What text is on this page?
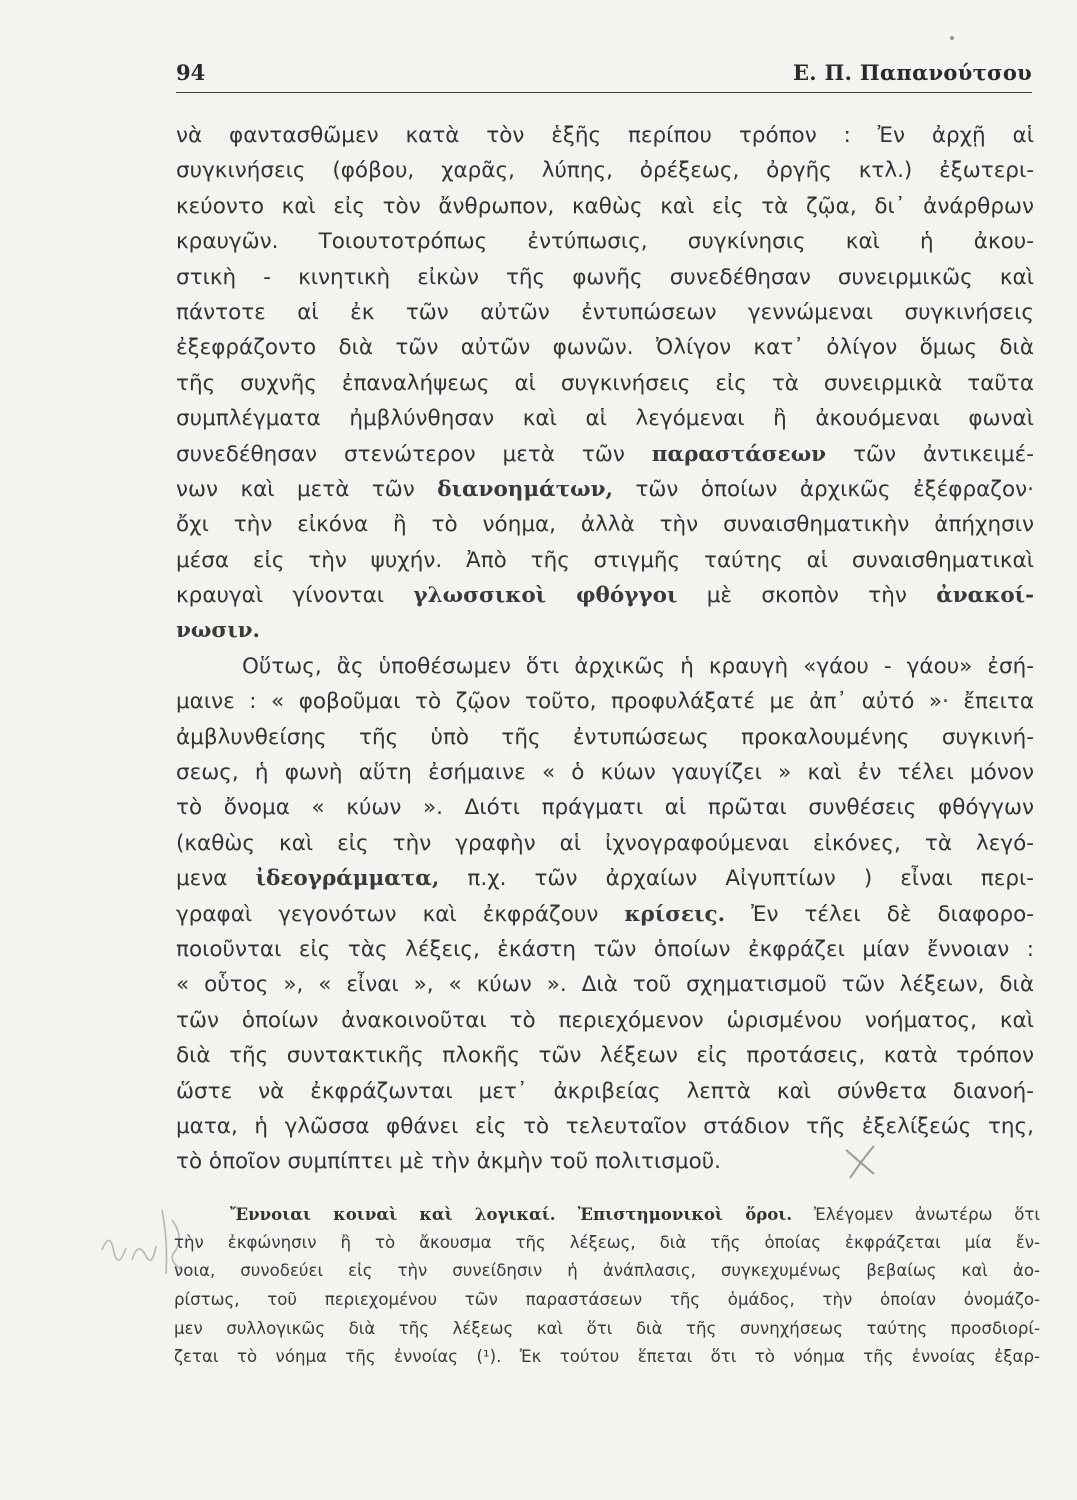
94	Ε. Π. Παπανούτσου
νὰ φαντασθῶμεν κατὰ τὸν ἑξῆς περίπου τρόπον : Ἐν ἀρχῇ αἱ
συγκινήσεις (φόβου, χαρᾶς, λύπης, ὀρέξεως, ὀργῆς κτλ.) ἐξωτερι-
κεύοντο καὶ εἰς τὸν ἄνθρωπον, καθὼς καὶ εἰς τὰ ζῷα, δι᾽ ἀνάρθρων
κραυγῶν. Τοιουτοτρόπως ἐντύπωσις, συγκίνησις καὶ ἡ ἀκου-
στικὴ - κινητικὴ εἰκὼν τῆς φωνῆς συνεδέθησαν συνειρμικῶς καὶ
πάντοτε αἱ ἐκ τῶν αὐτῶν ἐντυπώσεων γεννώμεναι συγκινήσεις
ἐξεφράζοντο διὰ τῶν αὐτῶν φωνῶν. Ὀλίγον κατ᾽ ὀλίγον ὅμως διὰ
τῆς συχνῆς ἐπαναλήψεως αἱ συγκινήσεις εἰς τὰ συνειρμικὰ ταῦτα
συμπλέγματα ἠμβλύνθησαν καὶ αἱ λεγόμεναι ἢ ἀκουόμεναι φωναὶ
συνεδέθησαν στενώτερον μετὰ τῶν παραστάσεων τῶν ἀντικειμέ-
νων καὶ μετὰ τῶν διανοημάτων, τῶν ὁποίων ἀρχικῶς ἐξέφραζον·
ὄχι τὴν εἰκόνα ἢ τὸ νόημα, ἀλλὰ τὴν συναισθηματικὴν ἀπήχησιν
μέσα εἰς τὴν ψυχήν. Ἀπὸ τῆς στιγμῆς ταύτης αἱ συναισθηματικαὶ
κραυγαὶ γίνονται γλωσσικοὶ φθόγγοι μὲ σκοπὸν τὴν ἀνακοί-
νωσιν.
Οὕτως, ἂς ὑποθέσωμεν ὅτι ἀρχικῶς ἡ κραυγὴ «γάου - γάου» ἐσή-
μαινε : « φοβοῦμαι τὸ ζῷον τοῦτο, προφυλάξατέ με ἀπ᾽ αὐτό »· ἔπειτα
ἀμβλυνθείσης τῆς ὑπὸ τῆς ἐντυπώσεως προκαλουμένης συγκινή-
σεως, ἡ φωνὴ αὕτη ἐσήμαινε « ὁ κύων γαυγίζει » καὶ ἐν τέλει μόνον
τὸ ὄνομα « κύων ». Διότι πράγματι αἱ πρῶται συνθέσεις φθόγγων
(καθὼς καὶ εἰς τὴν γραφὴν αἱ ἰχνογραφούμεναι εἰκόνες, τὰ λεγό-
μενα ἰδεογράμματα, π.χ. τῶν ἀρχαίων Αἰγυπτίων ) εἶναι περι-
γραφαὶ γεγονότων καὶ ἐκφράζουν κρίσεις. Ἐν τέλει δὲ διαφορο-
ποιοῦνται εἰς τὰς λέξεις, ἑκάστη τῶν ὁποίων ἐκφράζει μίαν ἔννοιαν :
« οὗτος », « εἶναι », « κύων ». Διὰ τοῦ σχηματισμοῦ τῶν λέξεων, διὰ
τῶν ὁποίων ἀνακοινοῦται τὸ περιεχόμενον ὡρισμένου νοήματος, καὶ
διὰ τῆς συντακτικῆς πλοκῆς τῶν λέξεων εἰς προτάσεις, κατὰ τρόπον
ὥστε νὰ ἐκφράζωνται μετ᾽ ἀκριβείας λεπτὰ καὶ σύνθετα διανοή-
ματα, ἡ γλῶσσα φθάνει εἰς τὸ τελευταῖον στάδιον τῆς ἐξελίξεώς της,
τὸ ὁποῖον συμπίπτει μὲ τὴν ἀκμὴν τοῦ πολιτισμοῦ.
Ἔννοιαι κοιναὶ καὶ λογικαί. Ἐπιστημονικοὶ ὅροι. Ἐλέγομεν ἀνωτέρω ὅτι
τὴν ἐκφώνησιν ἢ τὸ ἄκουσμα τῆς λέξεως, διὰ τῆς ὁποίας ἐκφράζεται μία ἔν-
νοια, συνοδεύει εἰς τὴν συνείδησιν ἡ ἀνάπλασις, συγκεχυμένως βεβαίως καὶ ἀο-
ρίστως, τοῦ περιεχομένου τῶν παραστάσεων τῆς ὁμάδος, τὴν ὁποίαν ὀνομάζο-
μεν συλλογικῶς διὰ τῆς λέξεως καὶ ὅτι διὰ τῆς συνηχήσεως ταύτης προσδιορί-
ζεται τὸ νόημα τῆς ἐννοίας (¹). Ἐκ τούτου ἕπεται ὅτι τὸ νόημα τῆς ἐννοίας ἐξαρ-
